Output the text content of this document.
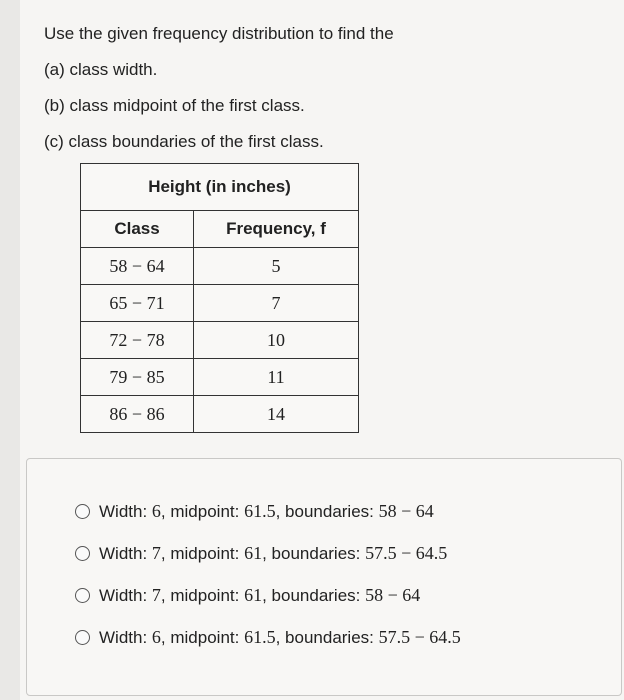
Use the given frequency distribution to find the
(a) class width.
(b) class midpoint of the first class.
(c) class boundaries of the first class.
Height (in inches)	
Class	Frequency, f
58 − 64	5
65 − 71	7
72 − 78	10
79 − 85	11
86 − 86	14
Width:
6 , midpoint:
61.5 , boundaries:
58 − 64
Width:
7 , midpoint:
61 , boundaries:
57.5 − 64.5
Width:
7 , midpoint:
61 , boundaries:
58 − 64
Width:
6 , midpoint:
61.5 , boundaries:
57.5 − 64.5
